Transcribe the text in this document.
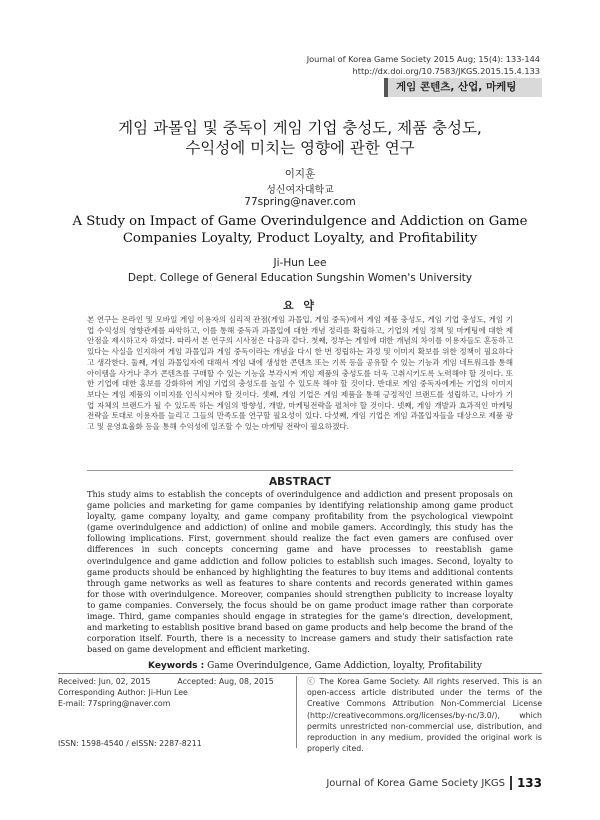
Journal of Korea Game Society 2015 Aug; 15(4): 133-144
http://dx.doi.org/10.7583/JKGS.2015.15.4.133
게임 콘텐츠, 산업, 마케팅
게임 과몰입 및 중독이 게임 기업 충성도, 제품 충성도,
수익성에 미치는 영향에 관한 연구
이지훈
성신여자대학교
77spring@naver.com
A Study on Impact of Game Overindulgence and Addiction on Game
Companies Loyalty, Product Loyalty, and Profitability
Ji-Hun Lee
Dept. College of General Education Sungshin Women's University
요 약
본 연구는 온라인 및 모바일 게임 이용자의 심리적 관점(게임 과몰입, 게임 중독)에서 게임 제품 충성도, 게임 기업 충성도, 게임 기업 수익성의 영향관계를 파악하고, 이를 통해 중독과 과몰입에 대한 개념 정리를 확립하고, 기업의 게임 정책 및 마케팅에 대한 제안점을 제시하고자 하였다. 따라서 본 연구의 시사점은 다음과 같다. 첫째, 정부는 게임에 대한 개념의 차이를 이용자들도 혼동하고 있다는 사실을 인지하여 게임 과몰입과 게임 중독이라는 개념을 다시 한 번 정립하는 과정 및 이미지 확보를 위한 정책이 필요하다고 생각한다. 둘째, 게임 과몰입자에 대해서 게임 내에 생성한 콘텐츠 또는 기록 등을 공유할 수 있는 기능과 게임 네트워크를 통해 아이템을 사거나 추가 콘텐츠를 구매할 수 있는 기능을 부각시켜 게임 제품의 충성도를 더욱 고취시키도록 노력해야 할 것이다. 또한 기업에 대한 홍보를 강화하여 게임 기업의 충성도를 높일 수 있도록 해야 할 것이다. 반대로 게임 중독자에게는 기업의 이미지 보다는 게임 제품의 이미지를 인식시켜야 할 것이다. 셋째, 게임 기업은 게임 제품을 통해 긍정적인 브랜드를 성립하고, 나아가 기업 자체의 브랜드가 될 수 있도록 하는 게임의 방향성, 개발, 마케팅전략을 펼쳐야 할 것이다. 넷째, 게임 개발과 효과적인 마케팅 전략을 토대로 이용자를 늘리고 그들의 만족도를 연구할 필요성이 있다. 다섯째, 게임 기업은 게임 과몰입자들을 대상으로 제품 광고 및 운영효율화 등을 통해 수익성에 일조할 수 있는 마케팅 전략이 필요하겠다.
ABSTRACT
This study aims to establish the concepts of overindulgence and addiction and present proposals on game policies and marketing for game companies by identifying relationship among game product loyalty, game company loyalty, and game company profitability from the psychological viewpoint (game overindulgence and addiction) of online and mobile gamers. Accordingly, this study has the following implications. First, government should realize the fact even gamers are confused over differences in such concepts concerning game and have processes to reestablish game overindulgence and game addiction and follow policies to establish such images. Second, loyalty to game products should be enhanced by highlighting the features to buy items and additional contents through game networks as well as features to share contents and records generated within games for those with overindulgence. Moreover, companies should strengthen publicity to increase loyalty to game companies. Conversely, the focus should be on game product image rather than corporate image. Third, game companies should engage in strategies for the game's direction, development, and marketing to establish positive brand based on game products and help become the brand of the corporation itself. Fourth, there is a necessity to increase gamers and study their satisfaction rate based on game development and efficient marketing.
Keywords : Game Overindulgence, Game Addiction, loyalty, Profitability
Received: Jun, 02, 2015	Accepted: Aug, 08, 2015
Corresponding Author: Ji-Hun Lee
E-mail: 77spring@naver.com
ISSN: 1598-4540 / eISSN: 2287-8211
ⓒ The Korea Game Society. All rights reserved. This is an open-access article distributed under the terms of the Creative Commons Attribution Non-Commercial License (http://creativecommons.org/licenses/by-nc/3.0/), which permits unrestricted non-commercial use, distribution, and reproduction in any medium, provided the original work is properly cited.
Journal of Korea Game Society JKGS 133
